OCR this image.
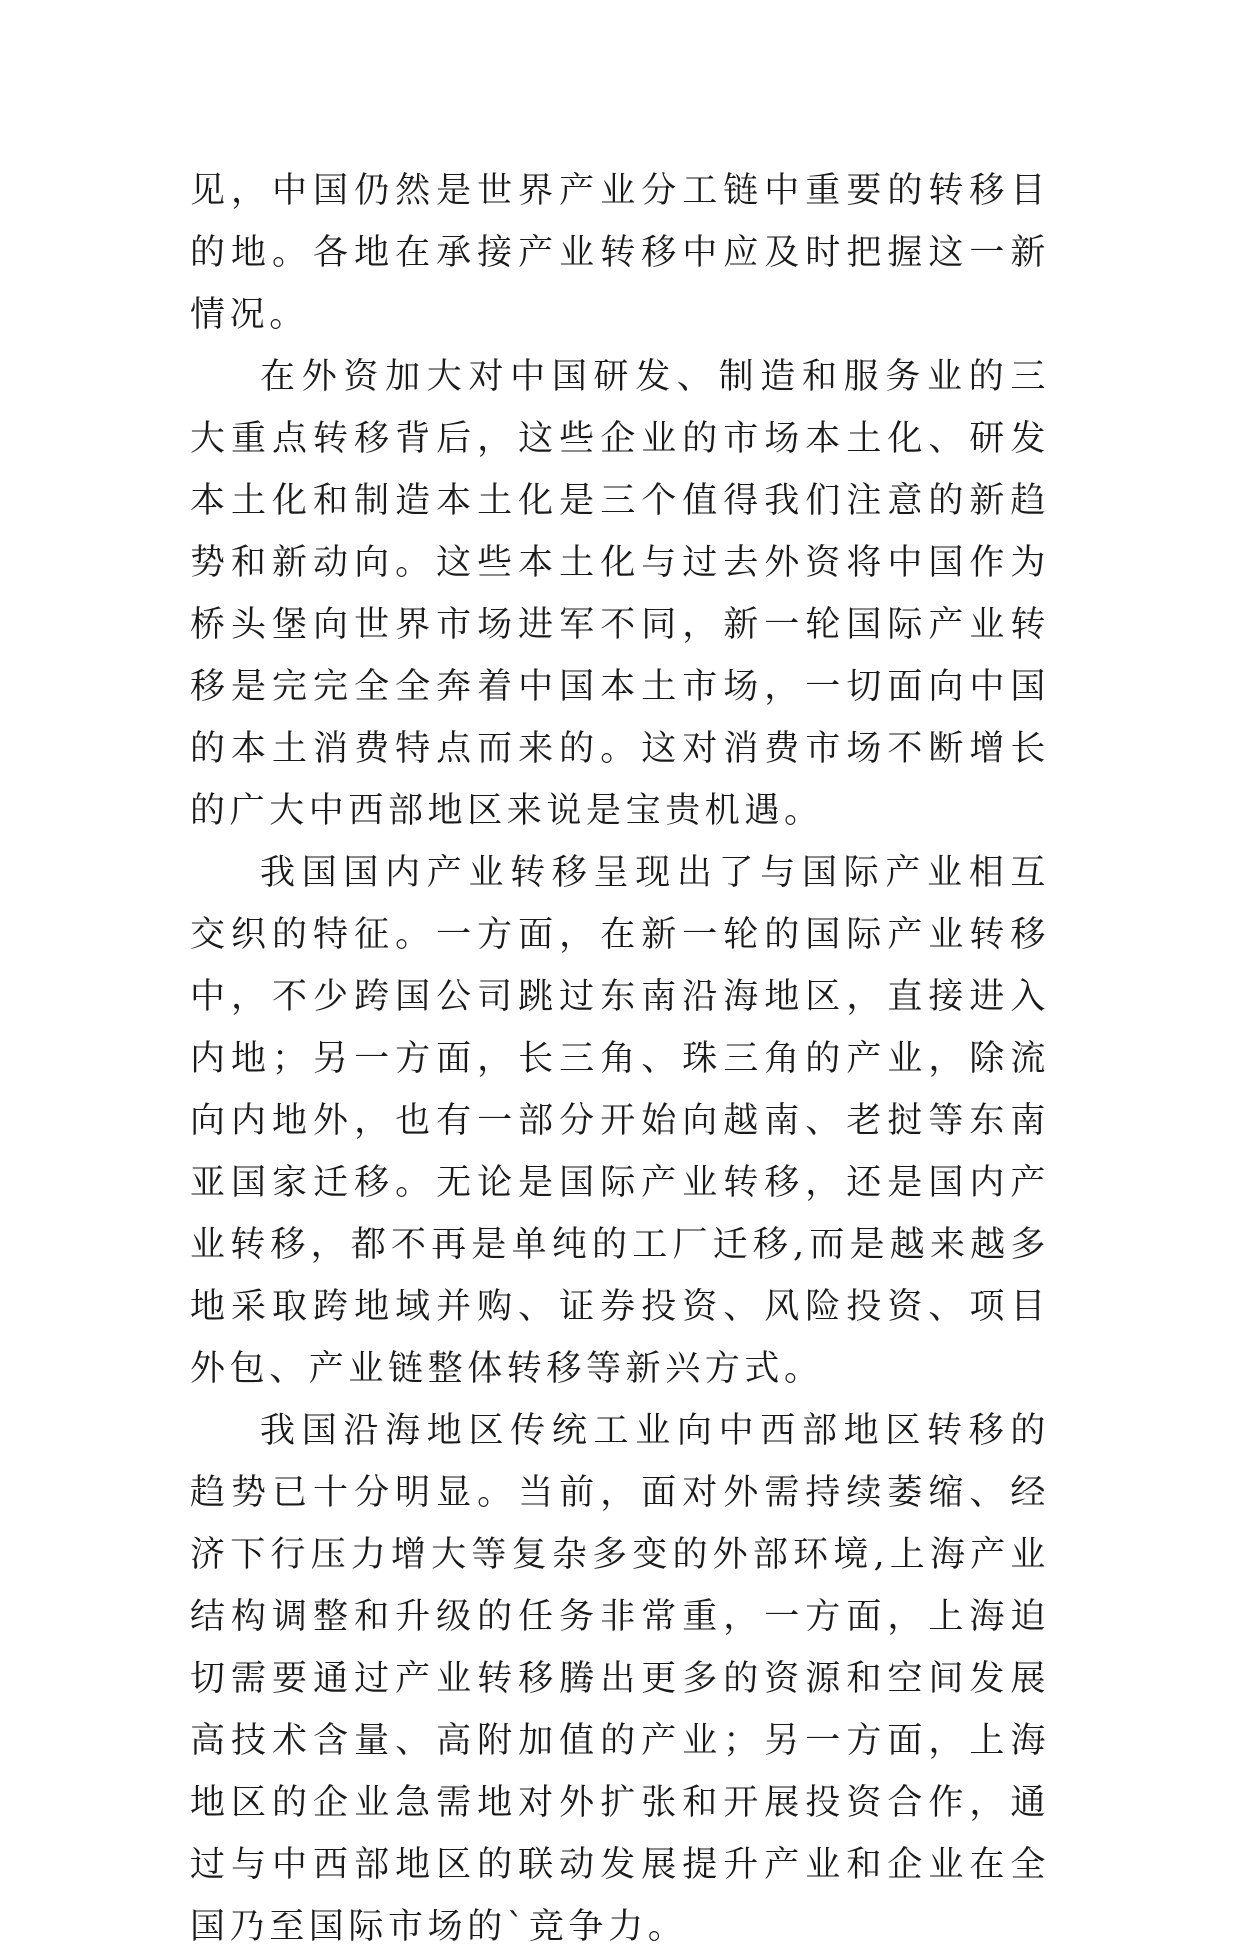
见，中国仍然是世界产业分工链中重要的转移目的地。各地在承接产业转移中应及时把握这一新情况。

在外资加大对中国研发、制造和服务业的三大重点转移背后，这些企业的市场本土化、研发本土化和制造本土化是三个值得我们注意的新趋势和新动向。这些本土化与过去外资将中国作为桥头堡向世界市场进军不同，新一轮国际产业转移是完完全全奔着中国本土市场，一切面向中国的本土消费特点而来的。这对消费市场不断增长的广大中西部地区来说是宝贵机遇。

我国国内产业转移呈现出了与国际产业相互交织的特征。一方面，在新一轮的国际产业转移中，不少跨国公司跳过东南沿海地区，直接进入内地；另一方面，长三角、珠三角的产业，除流向内地外，也有一部分开始向越南、老挝等东南亚国家迁移。无论是国际产业转移，还是国内产业转移，都不再是单纯的工厂迁移,而是越来越多地采取跨地域并购、证券投资、风险投资、项目外包、产业链整体转移等新兴方式。

我国沿海地区传统工业向中西部地区转移的趋势已十分明显。当前，面对外需持续萎缩、经济下行压力增大等复杂多变的外部环境,上海产业结构调整和升级的任务非常重，一方面，上海迫切需要通过产业转移腾出更多的资源和空间发展高技术含量、高附加值的产业；另一方面，上海地区的企业急需地对外扩张和开展投资合作，通过与中西部地区的联动发展提升产业和企业在全国乃至国际市场的`竞争力。
